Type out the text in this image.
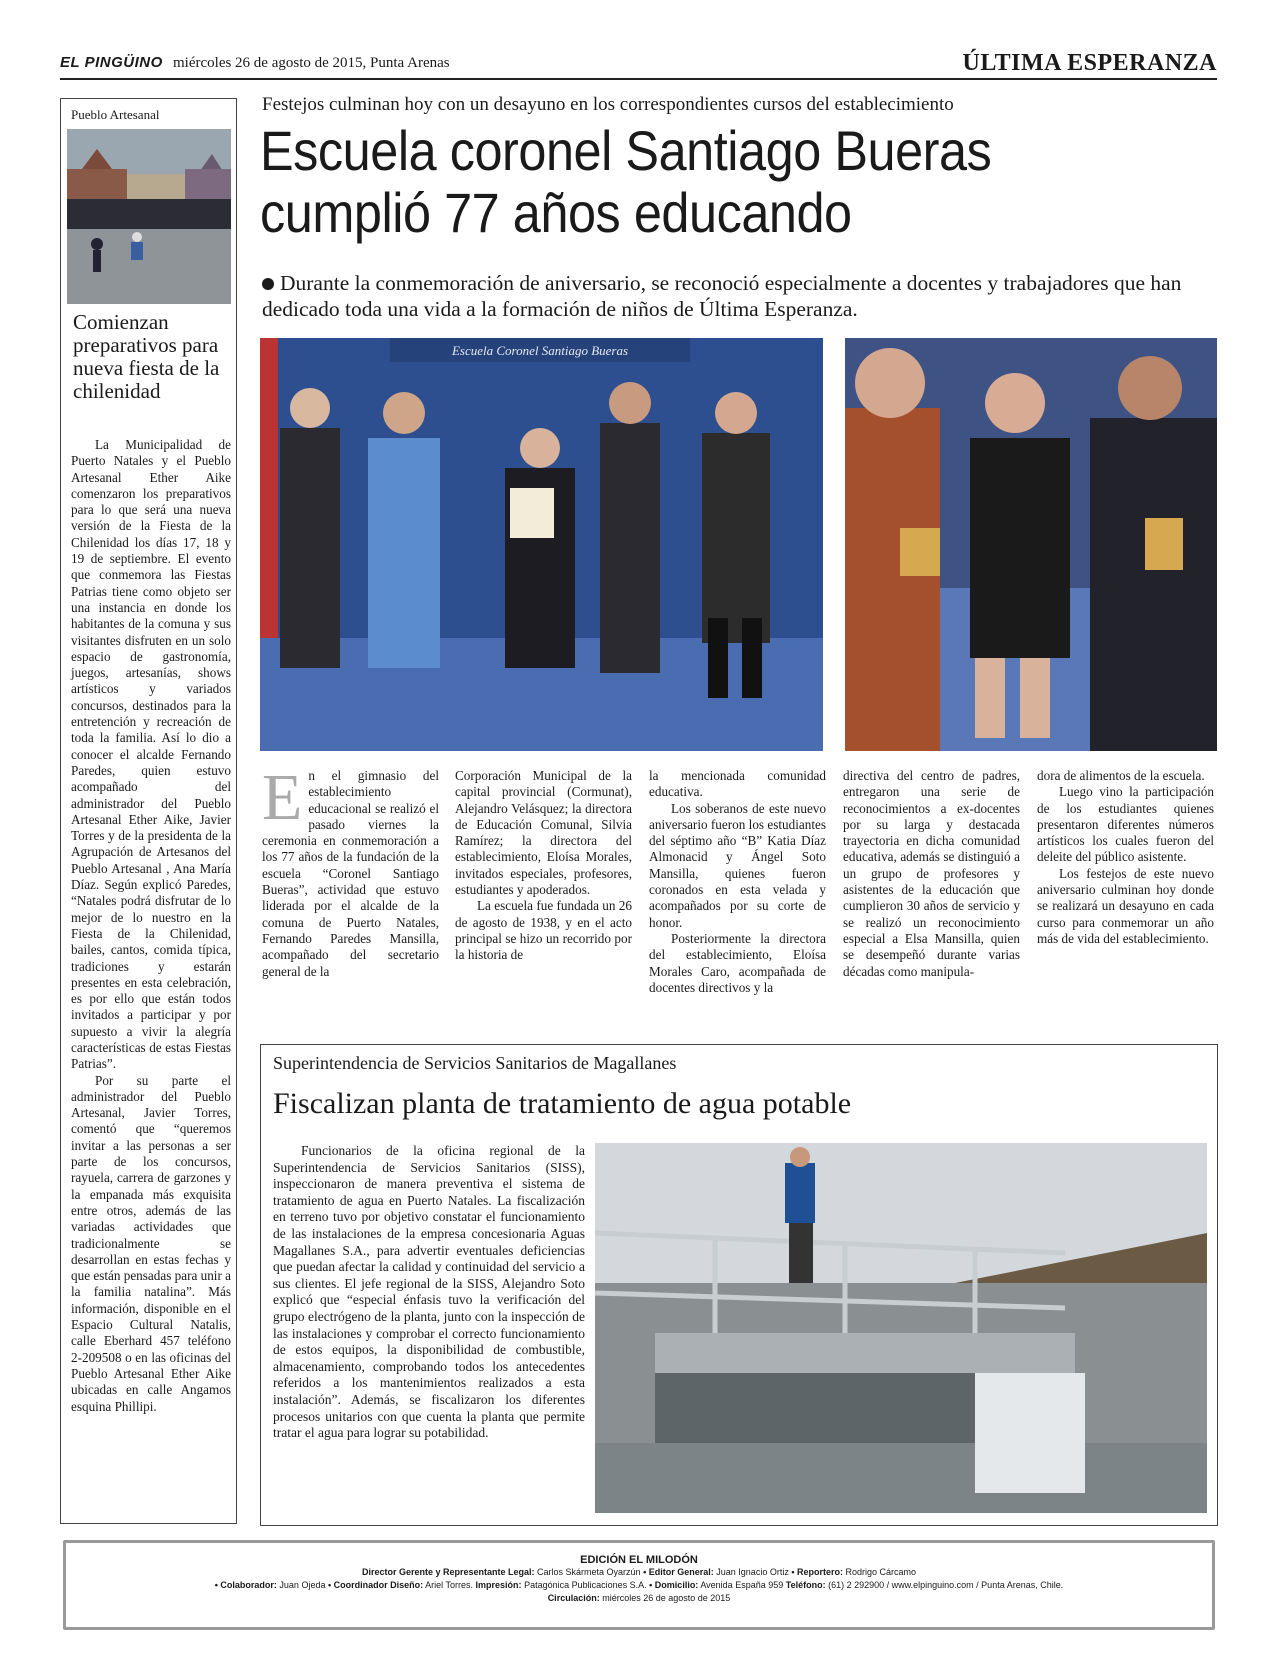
EL PINGÜINO miércoles 26 de agosto de 2015, Punta Arenas	ÚLTIMA ESPERANZA
Pueblo Artesanal
Comienzan preparativos para nueva fiesta de la chilenidad

La Municipalidad de Puerto Natales y el Pueblo Artesanal Ether Aike comenzaron los preparativos para lo que será una nueva versión de la Fiesta de la Chilenidad los días 17, 18 y 19 de septiembre. El evento que conmemora las Fiestas Patrias tiene como objeto ser una instancia en donde los habitantes de la comuna y sus visitantes disfruten en un solo espacio de gastronomía, juegos, artesanías, shows artísticos y variados concursos, destinados para la entretención y recreación de toda la familia. Así lo dio a conocer el alcalde Fernando Paredes, quien estuvo acompañado del administrador del Pueblo Artesanal Ether Aike, Javier Torres y de la presidenta de la Agrupación de Artesanos del Pueblo Artesanal , Ana María Díaz. Según explicó Paredes, “Natales podrá disfrutar de lo mejor de lo nuestro en la Fiesta de la Chilenidad, bailes, cantos, comida típica, tradiciones y estarán presentes en esta celebración, es por ello que están todos invitados a participar y por supuesto a vivir la alegría características de estas Fiestas Patrias”.

Por su parte el administrador del Pueblo Artesanal, Javier Torres, comentó que “queremos invitar a las personas a ser parte de los concursos, rayuela, carrera de garzones y la empanada más exquisita entre otros, además de las variadas actividades que tradicionalmente se desarrollan en estas fechas y que están pensadas para unir a la familia natalina”. Más información, disponible en el Espacio Cultural Natalis, calle Eberhard 457 teléfono 2-209508 o en las oficinas del Pueblo Artesanal Ether Aike ubicadas en calle Angamos esquina Phillipi.

Festejos culminan hoy con un desayuno en los correspondientes cursos del establecimiento
Escuela coronel Santiago Bueras
cumplió 77 años educando
Durante la conmemoración de aniversario, se reconoció especialmente a docentes y trabajadores que han dedicado toda una vida a la formación de niños de Última Esperanza.
Escuela Coronel Santiago Bueras
En el gimnasio del establecimiento educacional se realizó el pasado viernes la ceremonia en conmemoración a los 77 años de la fundación de la escuela “Coronel Santiago Bueras”, actividad que estuvo liderada por el alcalde de la comuna de Puerto Natales, Fernando Paredes Mansilla, acompañado del secretario general de la

Corporación Municipal de la capital provincial (Cormunat), Alejandro Velásquez; la directora de Educación Comunal, Silvia Ramírez; la directora del establecimiento, Eloísa Morales, invitados especiales, profesores, estudiantes y apoderados.

La escuela fue fundada un 26 de agosto de 1938, y en el acto principal se hizo un recorrido por la historia de

la mencionada comunidad educativa.

Los soberanos de este nuevo aniversario fueron los estudiantes del séptimo año “B” Katia Díaz Almonacid y Ángel Soto Mansilla, quienes fueron coronados en esta velada y acompañados por su corte de honor.

Posteriormente la directora del establecimiento, Eloísa Morales Caro, acompañada de docentes directivos y la

directiva del centro de padres, entregaron una serie de reconocimientos a ex-docentes por su larga y destacada trayectoria en dicha comunidad educativa, además se distinguió a un grupo de profesores y asistentes de la educación que cumplieron 30 años de servicio y se realizó un reconocimiento especial a Elsa Mansilla, quien se desempeñó durante varias décadas como manipula-

dora de alimentos de la escuela.

Luego vino la participación de los estudiantes quienes presentaron diferentes números artísticos los cuales fueron del deleite del público asistente.

Los festejos de este nuevo aniversario culminan hoy donde se realizará un desayuno en cada curso para conmemorar un año más de vida del establecimiento.

Superintendencia de Servicios Sanitarios de Magallanes
Fiscalizan planta de tratamiento de agua potable

Funcionarios de la oficina regional de la Superintendencia de Servicios Sanitarios (SISS), inspeccionaron de manera preventiva el sistema de tratamiento de agua en Puerto Natales. La fiscalización en terreno tuvo por objetivo constatar el funcionamiento de las instalaciones de la empresa concesionaria Aguas Magallanes S.A., para advertir eventuales deficiencias que puedan afectar la calidad y continuidad del servicio a sus clientes. El jefe regional de la SISS, Alejandro Soto explicó que “especial énfasis tuvo la verificación del grupo electrógeno de la planta, junto con la inspección de las instalaciones y comprobar el correcto funcionamiento de estos equipos, la disponibilidad de combustible, almacenamiento, comprobando todos los antecedentes referidos a los mantenimientos realizados a esta instalación”. Además, se fiscalizaron los diferentes procesos unitarios con que cuenta la planta que permite tratar el agua para lograr su potabilidad.

EDICIÓN EL MILODÓN
Director Gerente y Representante Legal: Carlos Skármeta Oyarzún • Editor General: Juan Ignacio Ortiz • Reportero: Rodrigo Cárcamo
• Colaborador: Juan Ojeda • Coordinador Diseño: Ariel Torres. Impresión: Patagónica Publicaciones S.A. • Domicilio: Avenida España 959 Teléfono: (61) 2 292900 / www.elpinguino.com / Punta Arenas, Chile.
Circulación: miércoles 26 de agosto de 2015
